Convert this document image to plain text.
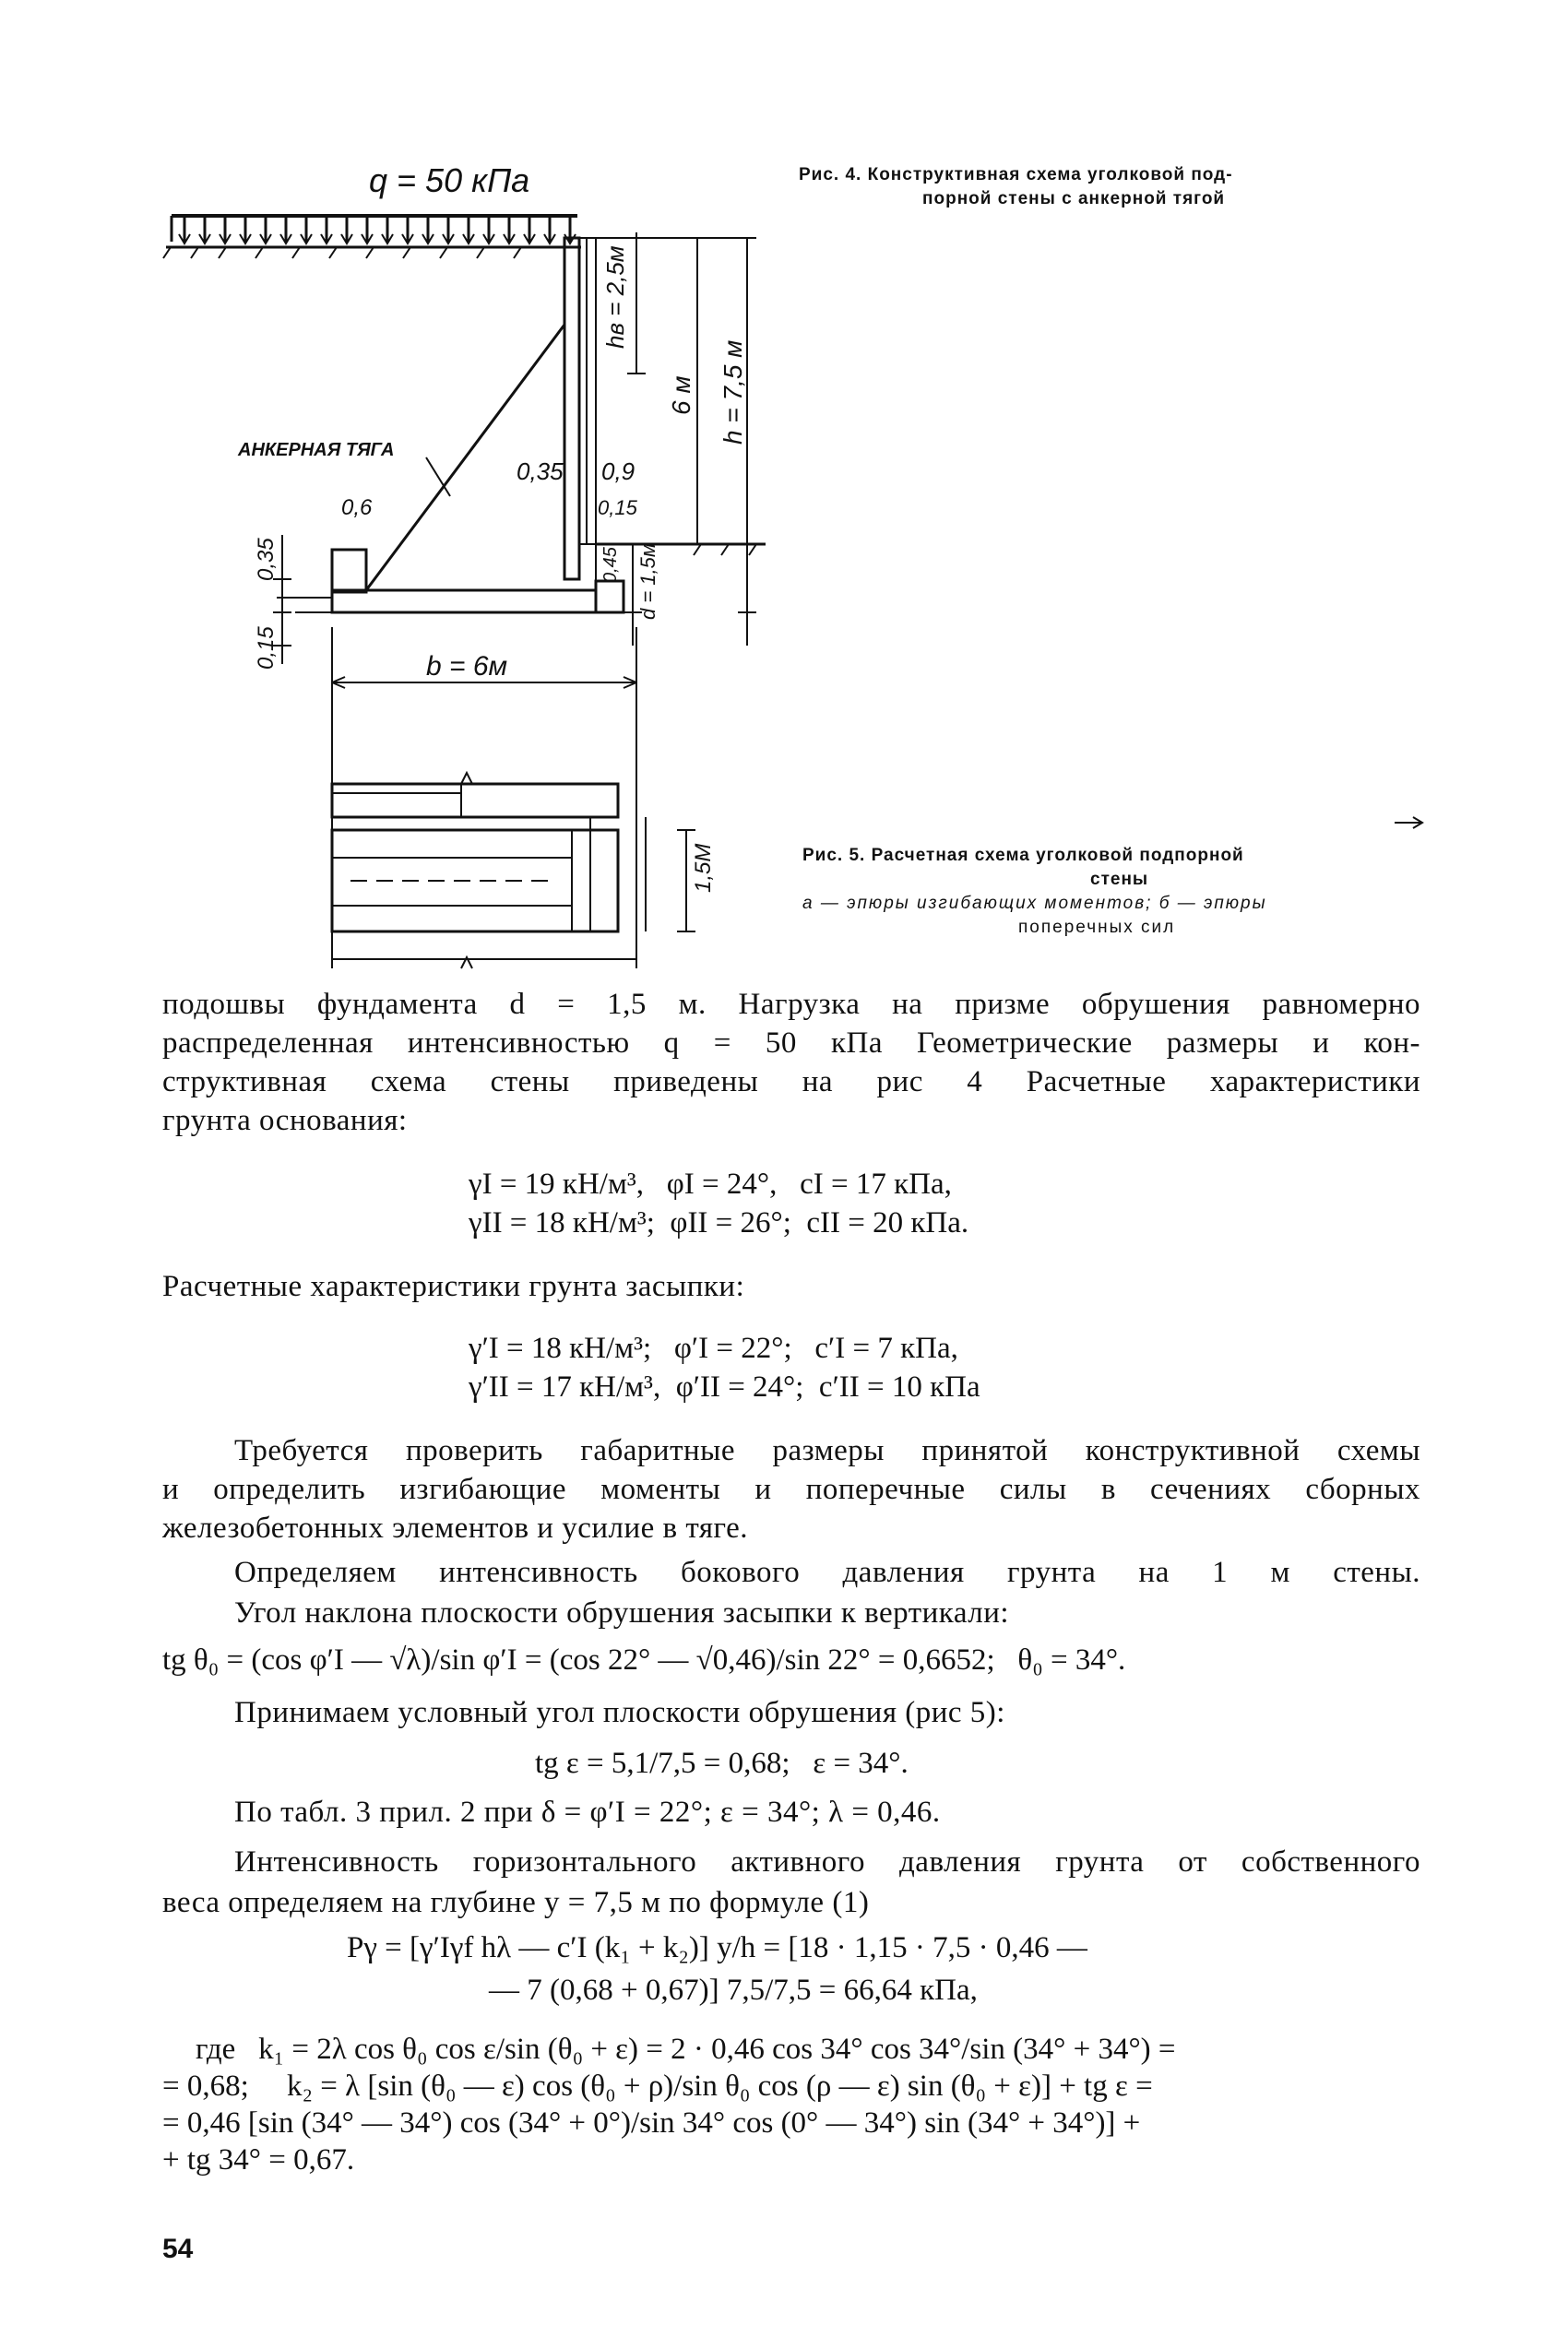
q = 50 кПа
АНКЕРНАЯ ТЯГА
hв = 2,5м
6 м h = 7,5 м
0,35 0,9
0,15
0,6
0,35
0,15
0,45 d = 1,5м
b = 6м
1,5М
Рис. 4. Конструктивная схема уголковой под-
порной стены с анкерной тягой
Рис. 5. Расчетная схема уголковой подпорной
стены
а — эпюры изгибающих моментов; б — эпюры
поперечных сил
подошвы фундамента d = 1,5 м. Нагрузка на призме обрушения равномерно
распределенная интенсивностью q = 50 кПа Геометрические размеры и кон-
структивная схема стены приведены на рис 4 Расчетные характеристики
грунта основания:
γI = 19 кН/м³,   φI = 24°,   cI = 17 кПа,
γII = 18 кН/м³;  φII = 26°;  cII = 20 кПа.
Расчетные характеристики грунта засыпки:
γ′I = 18 кН/м³;   φ′I = 22°;   c′I = 7 кПа,
γ′II = 17 кН/м³,  φ′II = 24°;  c′II = 10 кПа
Требуется проверить габаритные размеры принятой конструктивной схемы
и определить изгибающие моменты и поперечные силы в сечениях сборных
железобетонных элементов и усилие в тяге.
Определяем интенсивность бокового давления грунта на 1 м стены.
Угол наклона плоскости обрушения засыпки к вертикали:
tg θ₀ = (cos φ′I — √λ)/sin φ′I = (cos 22° — √0,46)/sin 22° = 0,6652;   θ₀ = 34°.
Принимаем условный угол плоскости обрушения (рис 5):
tg ε = 5,1/7,5 = 0,68;   ε = 34°.
По табл. 3 прил. 2 при δ = φ′I = 22°; ε = 34°; λ = 0,46.
Интенсивность горизонтального активного давления грунта от собственного
веса определяем на глубине y = 7,5 м по формуле (1)
Pγ = [γ′Iγf hλ — c′I (k₁ + k₂)] y/h = [18 · 1,15 · 7,5 · 0,46 —
— 7 (0,68 + 0,67)] 7,5/7,5 = 66,64 кПа,
где   k₁ = 2λ cos θ₀ cos ε/sin (θ₀ + ε) = 2 · 0,46 cos 34° cos 34°/sin (34° + 34°) =
= 0,68;     k₂ = λ [sin (θ₀ — ε) cos (θ₀ + ρ)/sin θ₀ cos (ρ — ε) sin (θ₀ + ε)] + tg ε =
= 0,46 [sin (34° — 34°) cos (34° + 0°)/sin 34° cos (0° — 34°) sin (34° + 34°)] +
+ tg 34° = 0,67.
54
